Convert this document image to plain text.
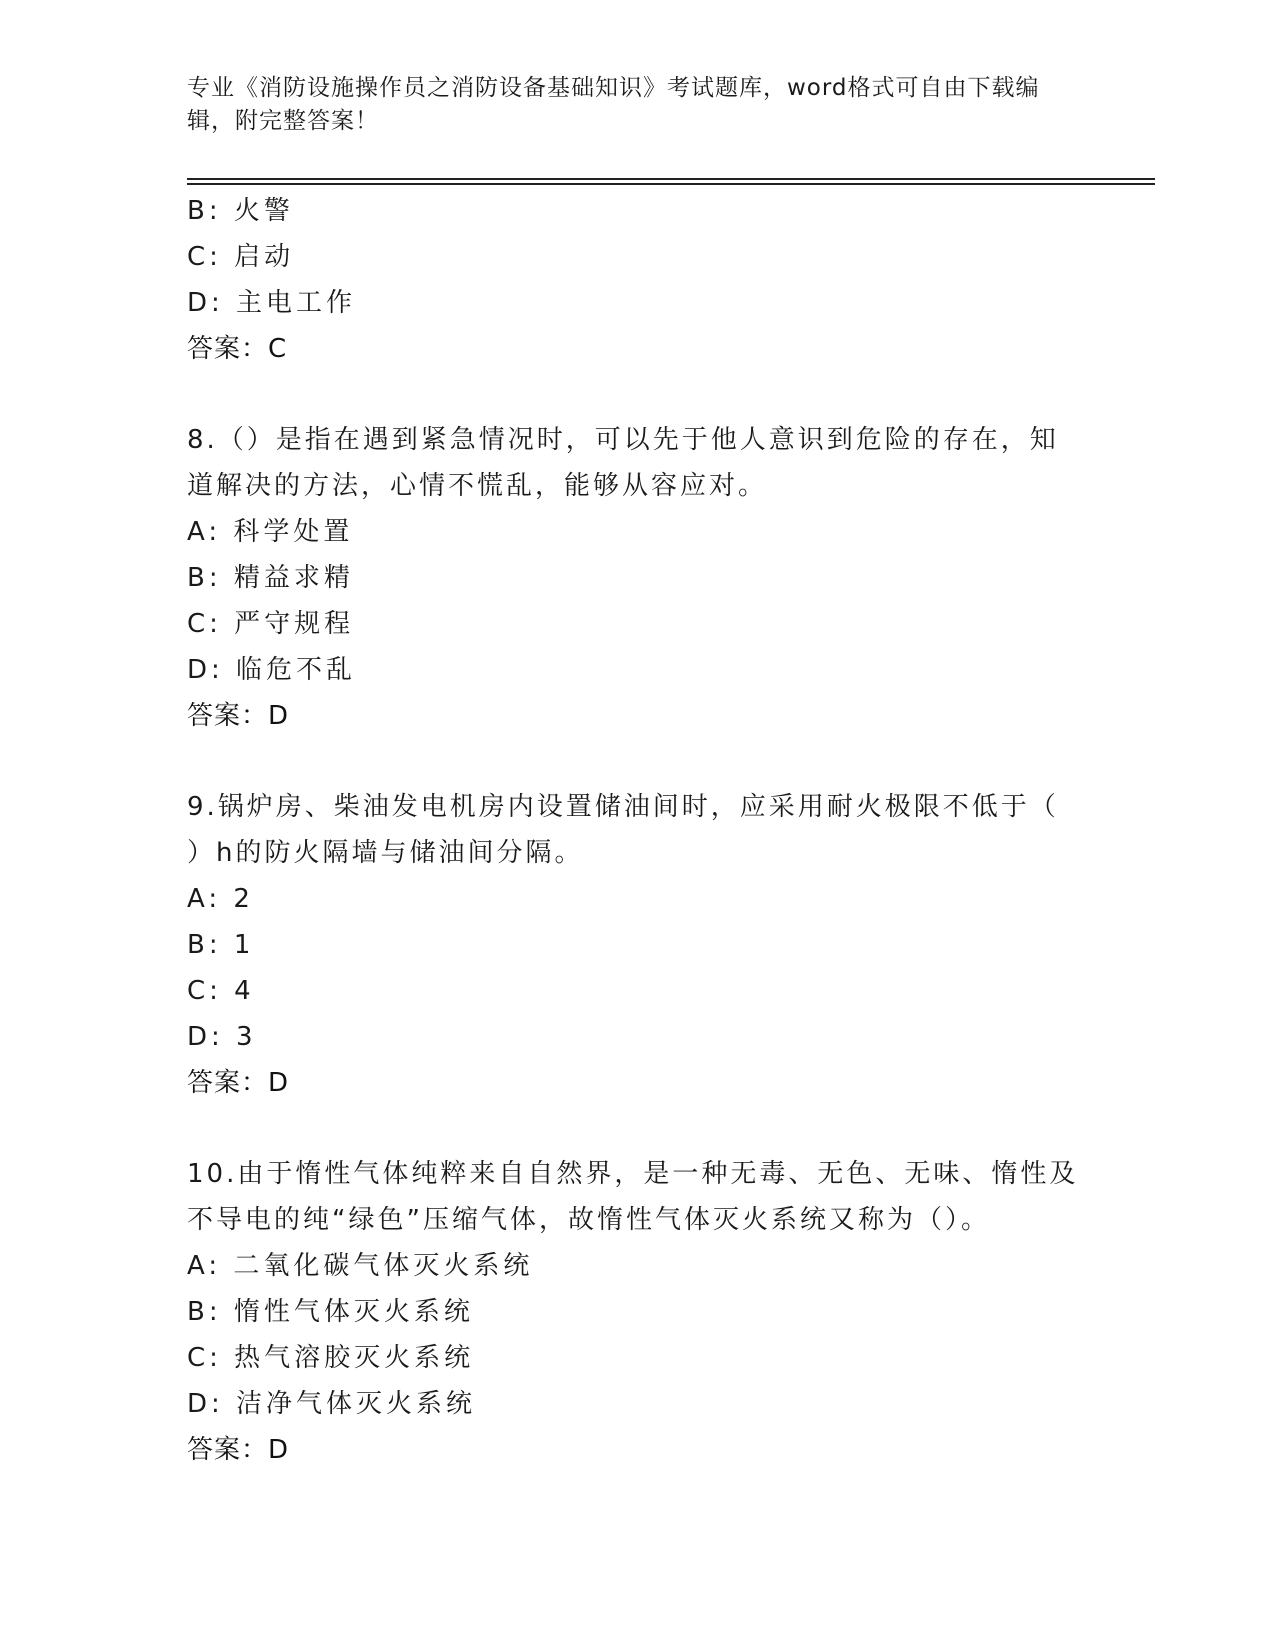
专业《消防设施操作员之消防设备基础知识》考试题库，word格式可自由下载编辑，附完整答案！
B: 火警
C: 启动
D: 主电工作
答案：C
8.（）是指在遇到紧急情况时，可以先于他人意识到危险的存在，知
道解决的方法，心情不慌乱，能够从容应对。
A: 科学处置
B: 精益求精
C: 严守规程
D: 临危不乱
答案：D
9.锅炉房、柴油发电机房内设置储油间时，应采用耐火极限不低于（
）h的防火隔墙与储油间分隔。
A: 2
B: 1
C: 4
D: 3
答案：D
10.由于惰性气体纯粹来自自然界，是一种无毒、无色、无味、惰性及
不导电的纯“绿色”压缩气体，故惰性气体灭火系统又称为（）。
A: 二氧化碳气体灭火系统
B: 惰性气体灭火系统
C: 热气溶胶灭火系统
D: 洁净气体灭火系统
答案：D
